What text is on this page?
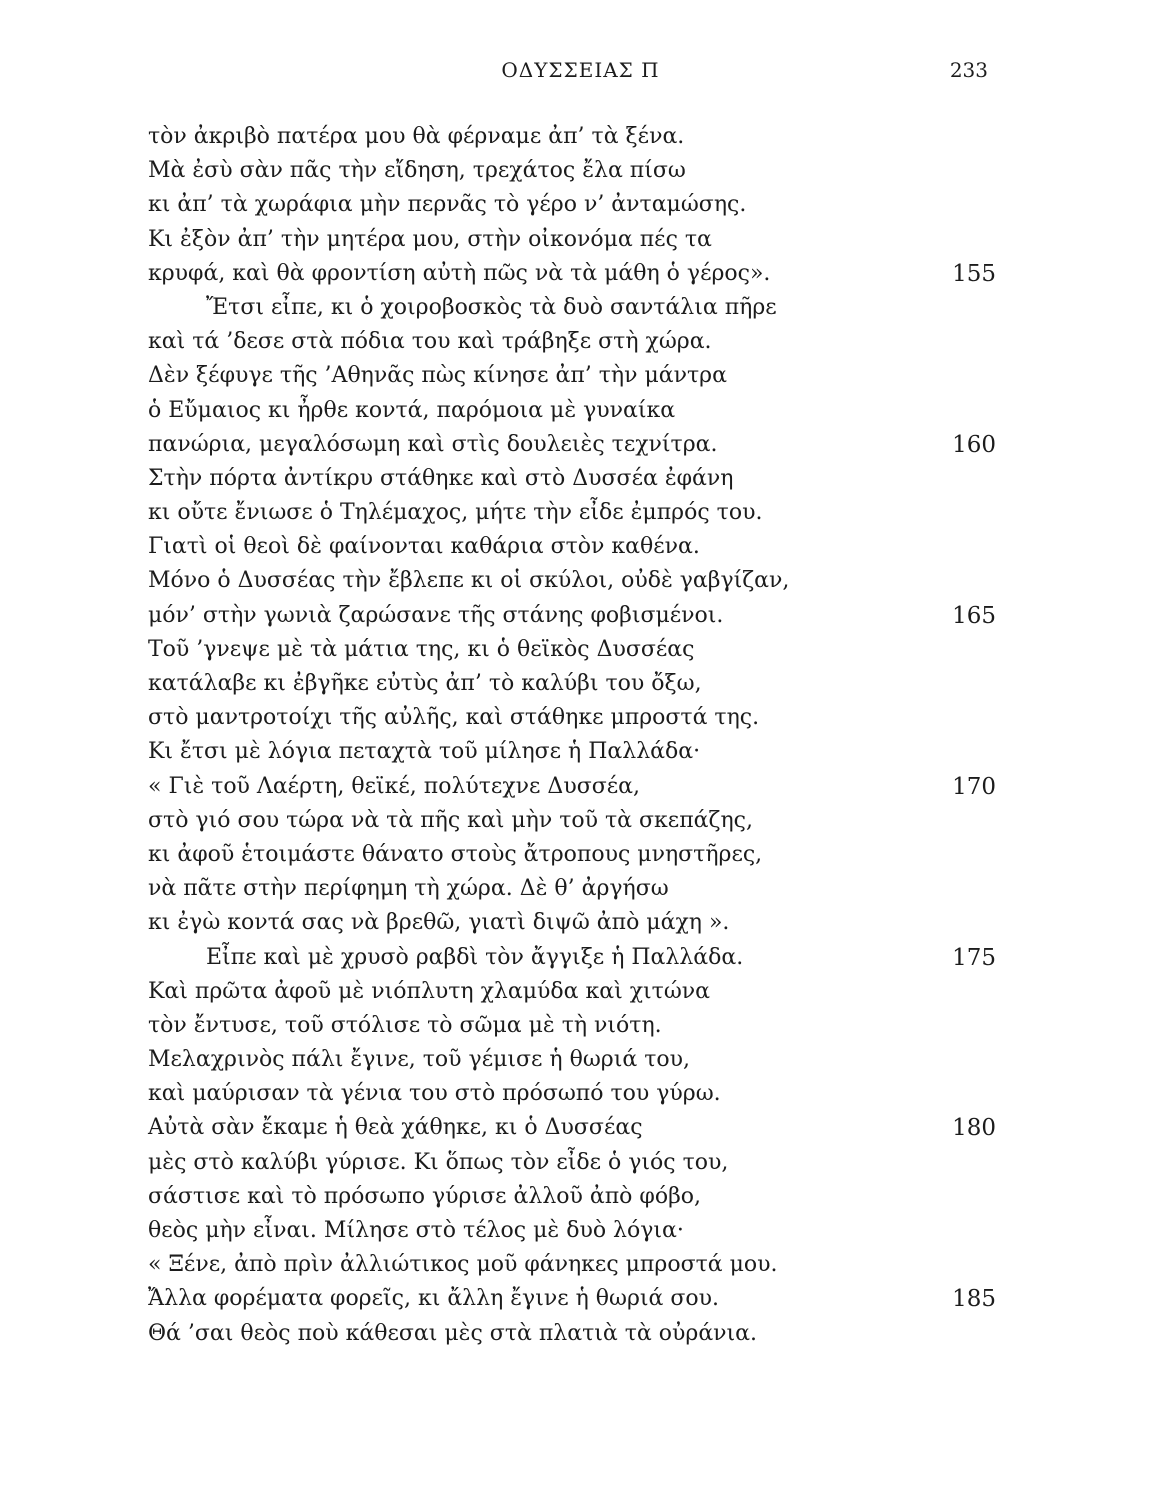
ΟΔΥΣΣΕΙΑΣ Π	233
τὸν ἀκριβὸ πατέρα μου θὰ φέρναμε ἀπ’ τὰ ξένα.
Μὰ ἐσὺ σὰν πᾶς τὴν εἴδηση, τρεχάτος ἔλα πίσω
κι ἀπ’ τὰ χωράφια μὴν περνᾶς τὸ γέρο ν’ ἀνταμώσης.
Κι ἐξὸν ἀπ’ τὴν μητέρα μου, στὴν οἰκονόμα πές τα
κρυφά, καὶ θὰ φροντίση αὐτὴ πῶς νὰ τὰ μάθη ὁ γέρος».	155
Ἔτσι εἶπε, κι ὁ χοιροβοσκὸς τὰ δυὸ σαντάλια πῆρε
καὶ τά ’δεσε στὰ πόδια του καὶ τράβηξε στὴ χώρα.
Δὲν ξέφυγε τῆς ’Αθηνᾶς πὼς κίνησε ἀπ’ τὴν μάντρα
ὁ Εὔμαιος κι ἦρθε κοντά, παρόμοια μὲ γυναίκα
πανώρια, μεγαλόσωμη καὶ στὶς δουλειὲς τεχνίτρα.	160
Στὴν πόρτα ἀντίκρυ στάθηκε καὶ στὸ Δυσσέα ἐφάνη
κι οὔτε ἔνιωσε ὁ Τηλέμαχος, μήτε τὴν εἶδε ἐμπρός του.
Γιατὶ οἱ θεοὶ δὲ φαίνονται καθάρια στὸν καθένα.
Μόνο ὁ Δυσσέας τὴν ἔβλεπε κι οἱ σκύλοι, οὐδὲ γαβγίζαν,
μόν’ στὴν γωνιὰ ζαρώσανε τῆς στάνης φοβισμένοι.	165
Τοῦ ’γνεψε μὲ τὰ μάτια της, κι ὁ θεϊκὸς Δυσσέας
κατάλαβε κι ἐβγῆκε εὐτὺς ἀπ’ τὸ καλύβι του ὄξω,
στὸ μαντροτοίχι τῆς αὐλῆς, καὶ στάθηκε μπροστά της.
Κι ἔτσι μὲ λόγια πεταχτὰ τοῦ μίλησε ἡ Παλλάδα·
« Γιὲ τοῦ Λαέρτη, θεϊκέ, πολύτεχνε Δυσσέα,	170
στὸ γιό σου τώρα νὰ τὰ πῆς καὶ μὴν τοῦ τὰ σκεπάζης,
κι ἀφοῦ ἑτοιμάστε θάνατο στοὺς ἄτροπους μνηστῆρες,
νὰ πᾶτε στὴν περίφημη τὴ χώρα. Δὲ θ’ ἀργήσω
κι ἐγὼ κοντά σας νὰ βρεθῶ, γιατὶ διψῶ ἀπὸ μάχη ».
Εἶπε καὶ μὲ χρυσὸ ραβδὶ τὸν ἄγγιξε ἡ Παλλάδα.	175
Καὶ πρῶτα ἀφοῦ μὲ νιόπλυτη χλαμύδα καὶ χιτώνα
τὸν ἔντυσε, τοῦ στόλισε τὸ σῶμα μὲ τὴ νιότη.
Μελαχρινὸς πάλι ἔγινε, τοῦ γέμισε ἡ θωριά του,
καὶ μαύρισαν τὰ γένια του στὸ πρόσωπό του γύρω.
Αὐτὰ σὰν ἔκαμε ἡ θεὰ χάθηκε, κι ὁ Δυσσέας	180
μὲς στὸ καλύβι γύρισε. Κι ὅπως τὸν εἶδε ὁ γιός του,
σάστισε καὶ τὸ πρόσωπο γύρισε ἀλλοῦ ἀπὸ φόβο,
θεὸς μὴν εἶναι. Μίλησε στὸ τέλος μὲ δυὸ λόγια·
« Ξένε, ἀπὸ πρὶν ἀλλιώτικος μοῦ φάνηκες μπροστά μου.
Ἄλλα φορέματα φορεῖς, κι ἄλλη ἔγινε ἡ θωριά σου.	185
Θά ’σαι θεὸς ποὺ κάθεσαι μὲς στὰ πλατιὰ τὰ οὐράνια.
